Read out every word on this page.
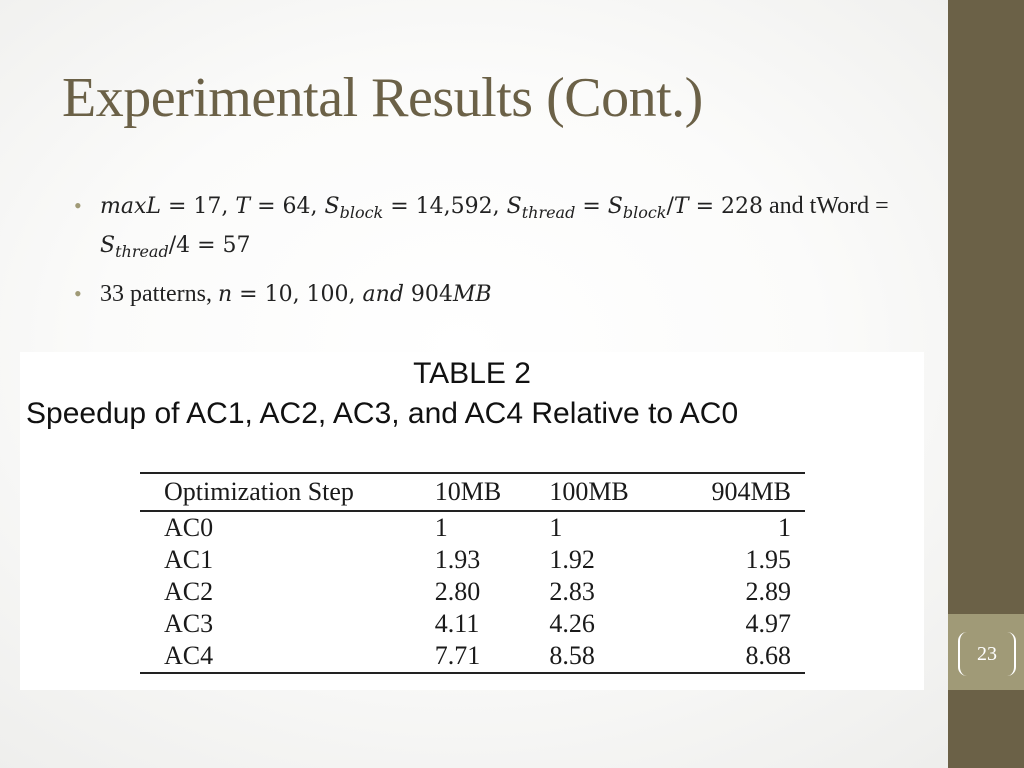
23
Experimental Results (Cont.)
• maxL = 17, T = 64, $S_{block} = 14,592$, $S_{thread} = S_{block}/T = 228$ and tWord = $S_{thread}/4 = 57$
• 33 patterns, n = 10, 100, and 904MB
TABLE 2
Speedup of AC1, AC2, AC3, and AC4 Relative to AC0
Optimization Step	10MB	100MB	904MB
AC0	1	1	1
AC1	1.93	1.92	1.95
AC2	2.80	2.83	2.89
AC3	4.11	4.26	4.97
AC4	7.71	8.58	8.68
